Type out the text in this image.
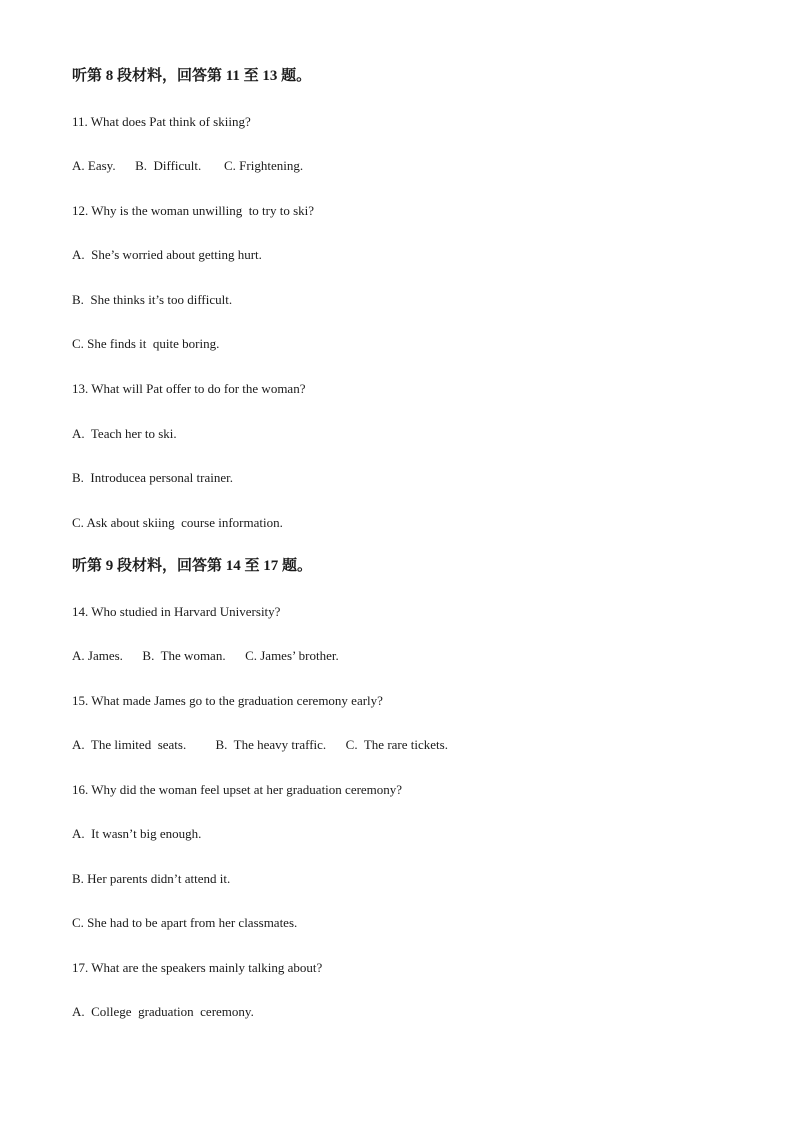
听第 8 段材料，回答第 11 至 13 题。
11. What does Pat think of skiing?
A. Easy.      B.  Difficult.       C. Frightening.
12. Why is the woman unwilling  to try to ski?
A.  She’s worried about getting hurt.
B.  She thinks it’s too difficult.
C. She finds it  quite boring.
13. What will Pat offer to do for the woman?
A.  Teach her to ski.
B.  Introducea personal trainer.
C. Ask about skiing  course information.
听第 9 段材料，回答第 14 至 17 题。
14. Who studied in Harvard University?
A. James.      B.  The woman.      C. James’ brother.
15. What made James go to the graduation ceremony early?
A.  The limited  seats.         B.  The heavy traffic.      C.  The rare tickets.
16. Why did the woman feel upset at her graduation ceremony?
A.  It wasn’t big enough.
B. Her parents didn’t attend it.
C. She had to be apart from her classmates.
17. What are the speakers mainly talking about?
A.  College  graduation  ceremony.
